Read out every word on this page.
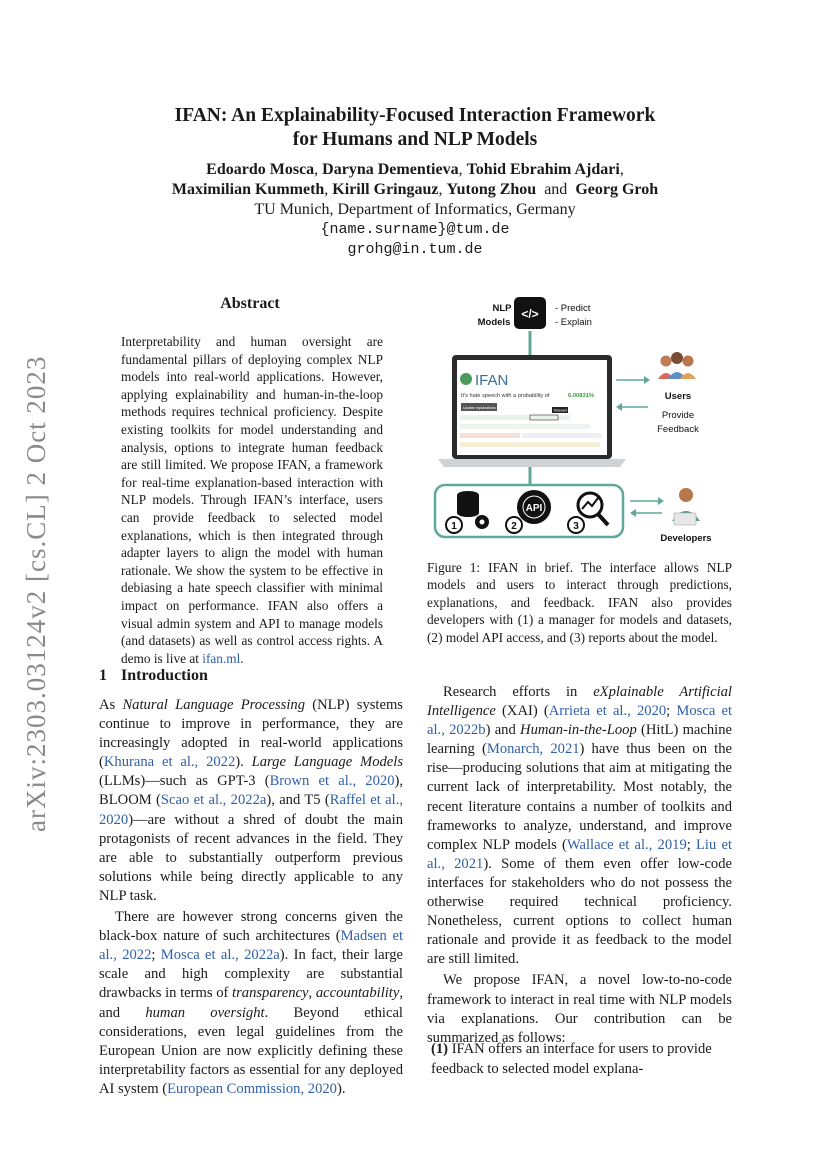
arXiv:2303.03124v2 [cs.CL] 2 Oct 2023
IFAN: An Explainability-Focused Interaction Framework
for Humans and NLP Models
Edoardo Mosca, Daryna Dementieva, Tohid Ebrahim Ajdari,
Maximilian Kummeth, Kirill Gringauz, Yutong Zhou and Georg Groh
TU Munich, Department of Informatics, Germany
{name.surname}@tum.de
grohg@in.tum.de
Abstract
Interpretability and human oversight are fundamental pillars of deploying complex NLP models into real-world applications. However, applying explainability and human-in-the-loop methods requires technical proficiency. Despite existing toolkits for model understanding and analysis, options to integrate human feedback are still limited. We propose IFAN, a framework for real-time explanation-based interaction with NLP models. Through IFAN’s interface, users can provide feedback to selected model explanations, which is then integrated through adapter layers to align the model with human rationale. We show the system to be effective in debiasing a hate speech classifier with minimal impact on performance. IFAN also offers a visual admin system and API to manage models (and datasets) as well as control access rights. A demo is live at ifan.ml.
NLP
Models
</> - Predict
- Explain
IFAN
It's hate speech with a probability of	6.00831%
Update explanations
Relevant
Users
Provide
Feedback
1
API
2	3
Developers
Figure 1: IFAN in brief. The interface allows NLP models and users to interact through predictions, explanations, and feedback. IFAN also provides developers with (1) a manager for models and datasets, (2) model API access, and (3) reports about the model.
1 Introduction

As Natural Language Processing (NLP) systems continue to improve in performance, they are increasingly adopted in real-world applications (Khurana et al., 2022). Large Language Models (LLMs)—such as GPT-3 (Brown et al., 2020), BLOOM (Scao et al., 2022a), and T5 (Raffel et al., 2020)—are without a shred of doubt the main protagonists of recent advances in the field. They are able to substantially outperform previous solutions while being directly applicable to any NLP task.

There are however strong concerns given the black-box nature of such architectures (Madsen et al., 2022; Mosca et al., 2022a). In fact, their large scale and high complexity are substantial drawbacks in terms of transparency, accountability, and human oversight. Beyond ethical considerations, even legal guidelines from the European Union are now explicitly defining these interpretability factors as essential for any deployed AI system (European Commission, 2020).

Research efforts in eXplainable Artificial Intelligence (XAI) (Arrieta et al., 2020; Mosca et al., 2022b) and Human-in-the-Loop (HitL) machine learning (Monarch, 2021) have thus been on the rise—producing solutions that aim at mitigating the current lack of interpretability. Most notably, the recent literature contains a number of toolkits and frameworks to analyze, understand, and improve complex NLP models (Wallace et al., 2019; Liu et al., 2021). Some of them even offer low-code interfaces for stakeholders who do not possess the otherwise required technical proficiency. Nonetheless, current options to collect human rationale and provide it as feedback to the model are still limited.

We propose IFAN, a novel low-to-no-code framework to interact in real time with NLP models via explanations. Our contribution can be summarized as follows:

(1) IFAN offers an interface for users to provide feedback to selected model explana-
